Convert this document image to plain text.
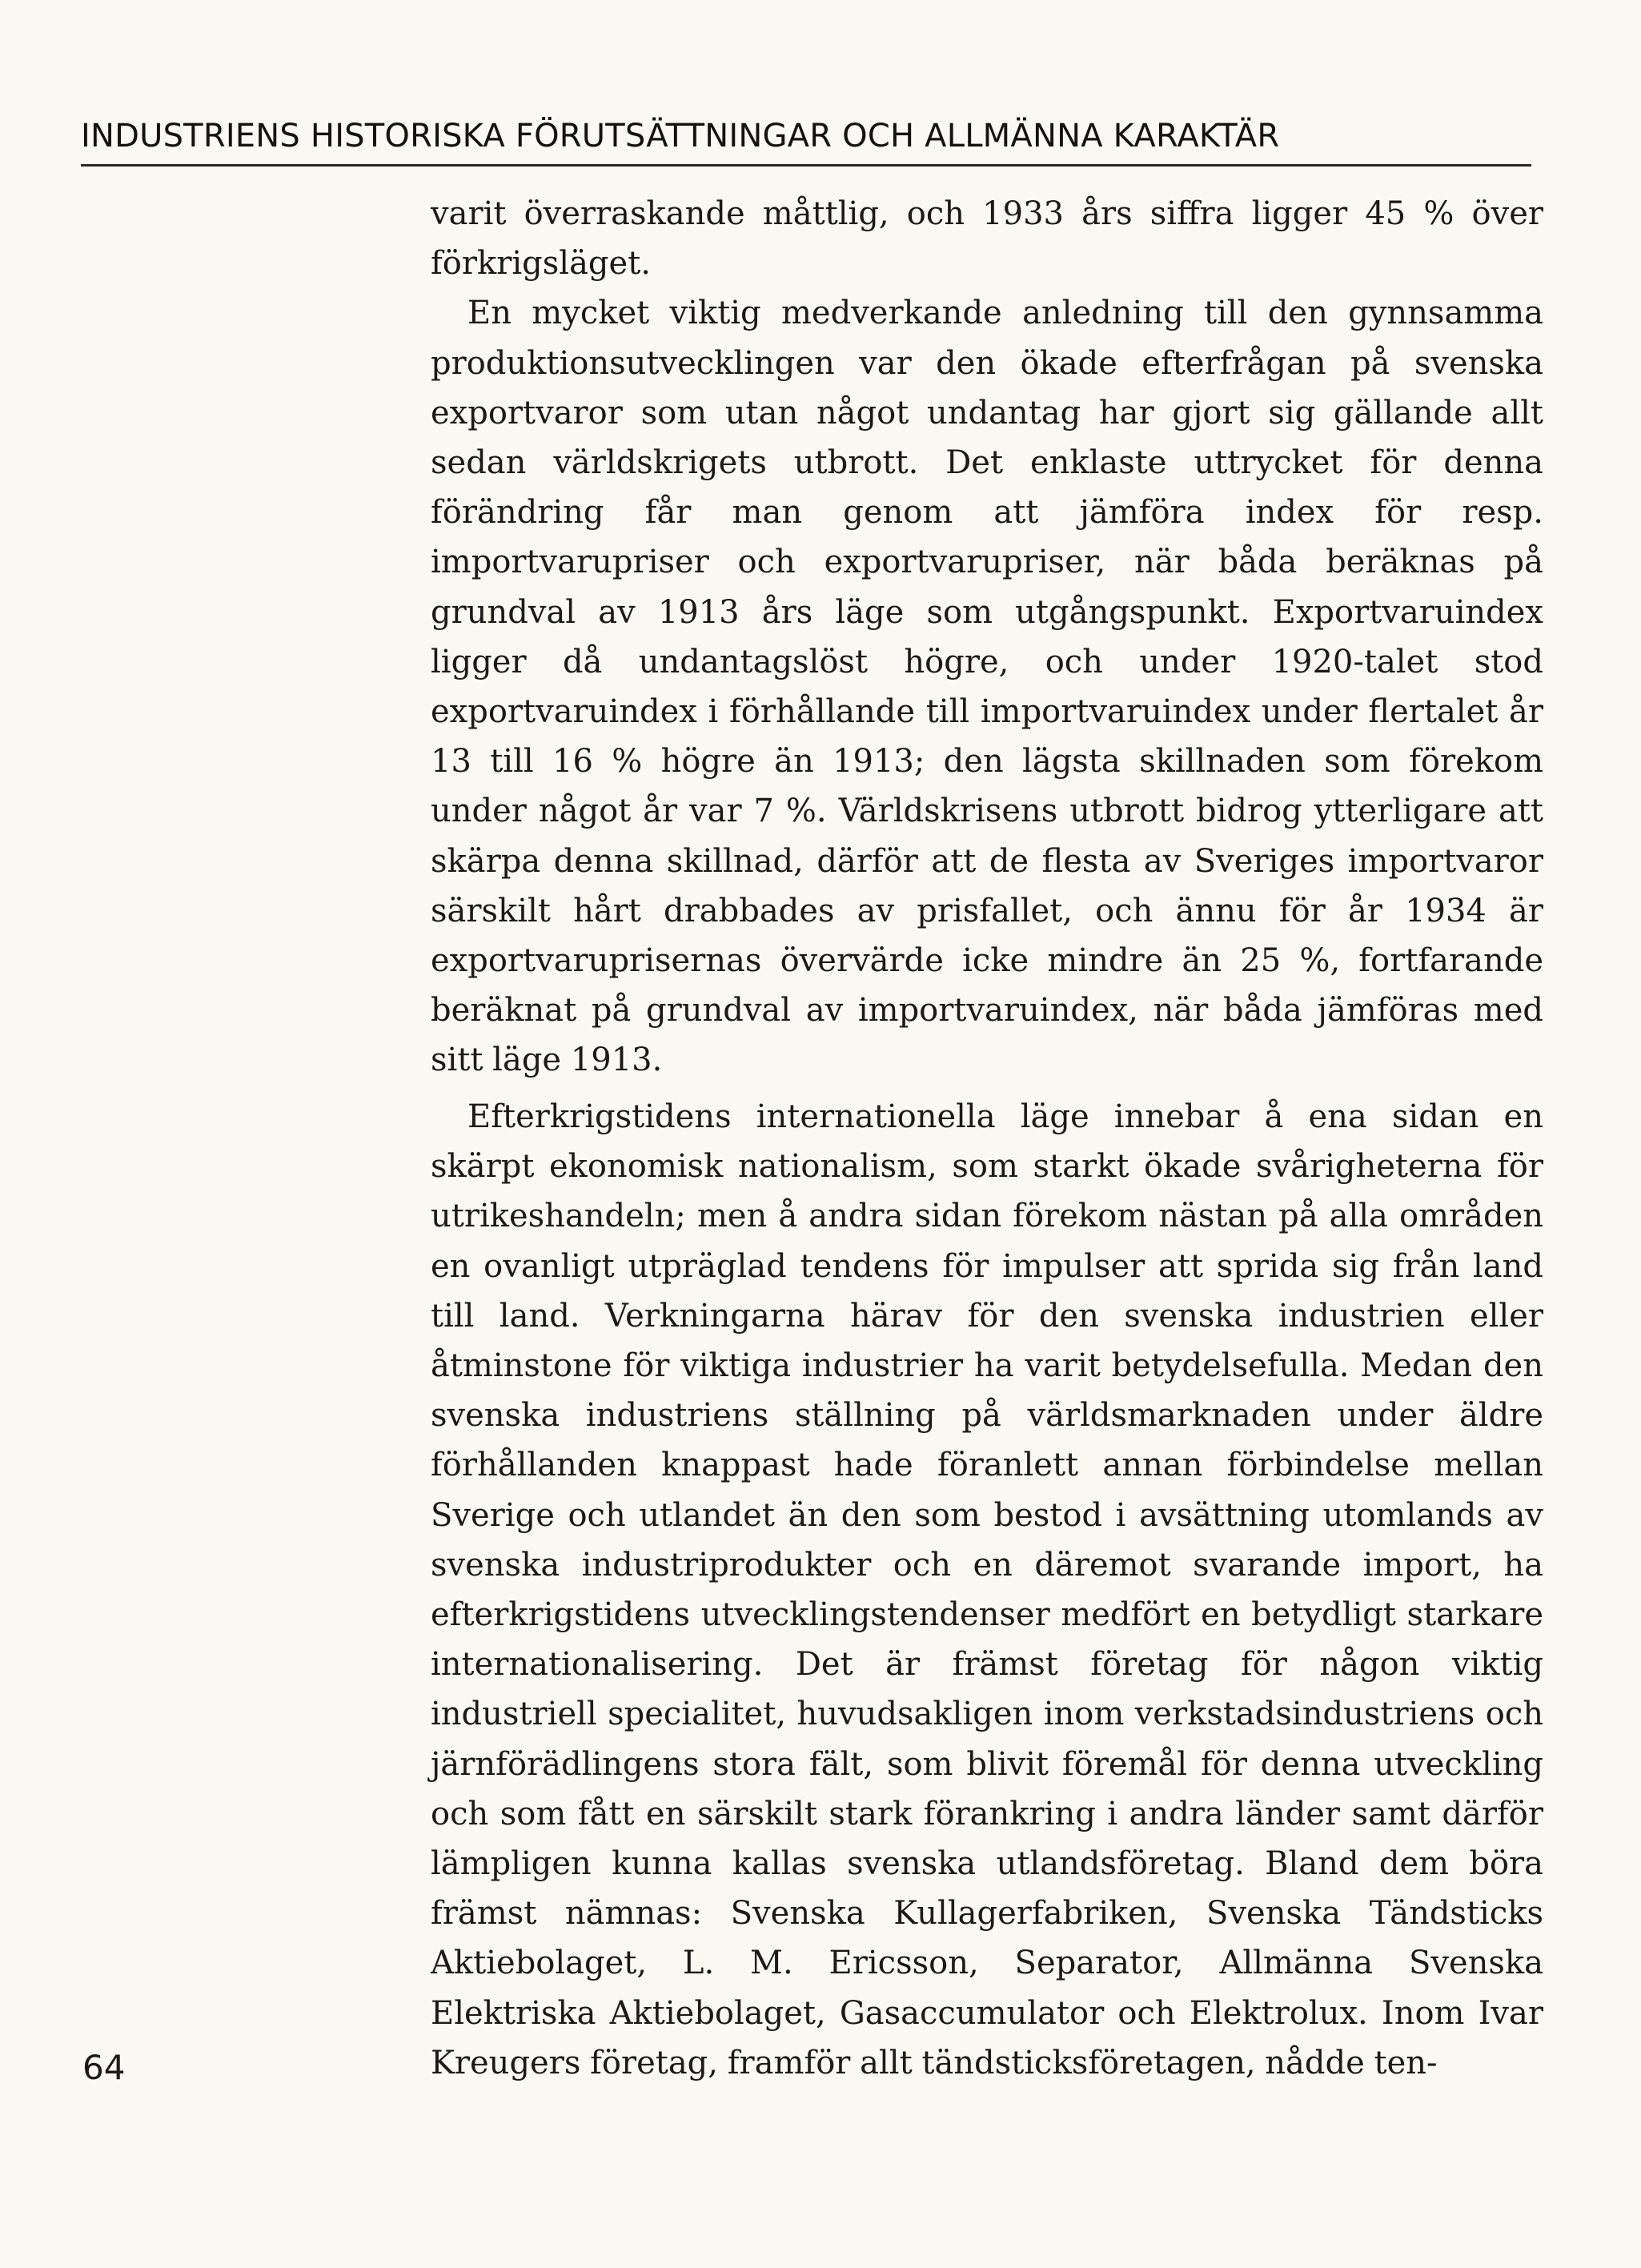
INDUSTRIENS HISTORISKA FÖRUTSÄTTNINGAR OCH ALLMÄNNA KARAKTÄR

varit överraskande måttlig, och 1933 års siffra ligger 45 % över förkrigsläget.

En mycket viktig medverkande anledning till den gynnsamma produktionsutvecklingen var den ökade efterfrågan på svenska exportvaror som utan något undantag har gjort sig gällande allt sedan världskrigets utbrott. Det enklaste uttrycket för denna förändring får man genom att jämföra index för resp. importvarupriser och exportvarupriser, när båda beräknas på grundval av 1913 års läge som utgångspunkt. Exportvaruindex ligger då undantagslöst högre, och under 1920-talet stod exportvaruindex i förhållande till importvaruindex under flertalet år 13 till 16 % högre än 1913; den lägsta skillnaden som förekom under något år var 7 %. Världskrisens utbrott bidrog ytterligare att skärpa denna skillnad, därför att de flesta av Sveriges importvaror särskilt hårt drabbades av prisfallet, och ännu för år 1934 är exportvaruprisernas övervärde icke mindre än 25 %, fortfarande beräknat på grundval av importvaruindex, när båda jämföras med sitt läge 1913.

Efterkrigstidens internationella läge innebar å ena sidan en skärpt ekonomisk nationalism, som starkt ökade svårigheterna för utrikeshandeln; men å andra sidan förekom nästan på alla områden en ovanligt utpräglad tendens för impulser att sprida sig från land till land. Verkningarna härav för den svenska industrien eller åtminstone för viktiga industrier ha varit betydelsefulla. Medan den svenska industriens ställning på världsmarknaden under äldre förhållanden knappast hade föranlett annan förbindelse mellan Sverige och utlandet än den som bestod i avsättning utomlands av svenska industriprodukter och en däremot svarande import, ha efterkrigstidens utvecklingstendenser medfört en betydligt starkare internationalisering. Det är främst företag för någon viktig industriell specialitet, huvudsakligen inom verkstadsindustriens och järnförädlingens stora fält, som blivit föremål för denna utveckling och som fått en särskilt stark förankring i andra länder samt därför lämpligen kunna kallas svenska utlandsföretag. Bland dem böra främst nämnas: Svenska Kullagerfabriken, Svenska Tändsticks Aktiebolaget, L. M. Ericsson, Separator, Allmänna Svenska Elektriska Aktiebolaget, Gasaccumulator och Elektrolux. Inom Ivar Kreugers företag, framför allt tändsticksföretagen, nådde ten-

64
